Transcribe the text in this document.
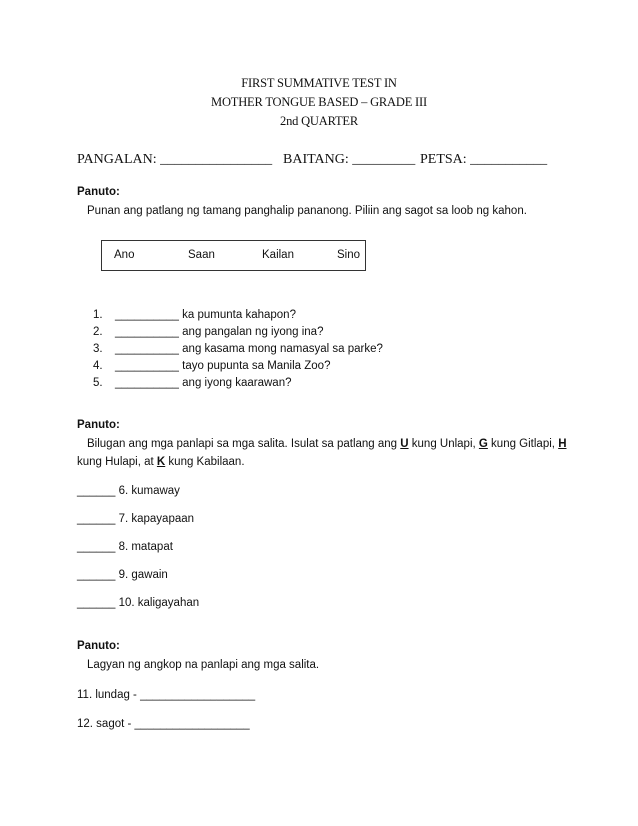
FIRST SUMMATIVE TEST IN
MOTHER TONGUE BASED – GRADE III
2nd QUARTER
PANGALAN: ________________ BAITANG: _________ PETSA: ___________
Panuto:
Punan ang patlang ng tamang panghalip pananong. Piliin ang sagot sa loob ng kahon.
Ano	Saan	Kailan	Sino
1. __________ ka pumunta kahapon?
2. __________ ang pangalan ng iyong ina?
3. __________ ang kasama mong namasyal sa parke?
4. __________ tayo pupunta sa Manila Zoo?
5. __________ ang iyong kaarawan?
Panuto:
Bilugan ang mga panlapi sa mga salita. Isulat sa patlang ang U kung Unlapi, G kung Gitlapi, H
kung Hulapi, at K kung Kabilaan.
______ 6. kumaway
______ 7. kapayapaan
______ 8. matapat
______ 9. gawain
______ 10. kaligayahan
Panuto:
Lagyan ng angkop na panlapi ang mga salita.
11. lundag - __________________
12. sagot - __________________
